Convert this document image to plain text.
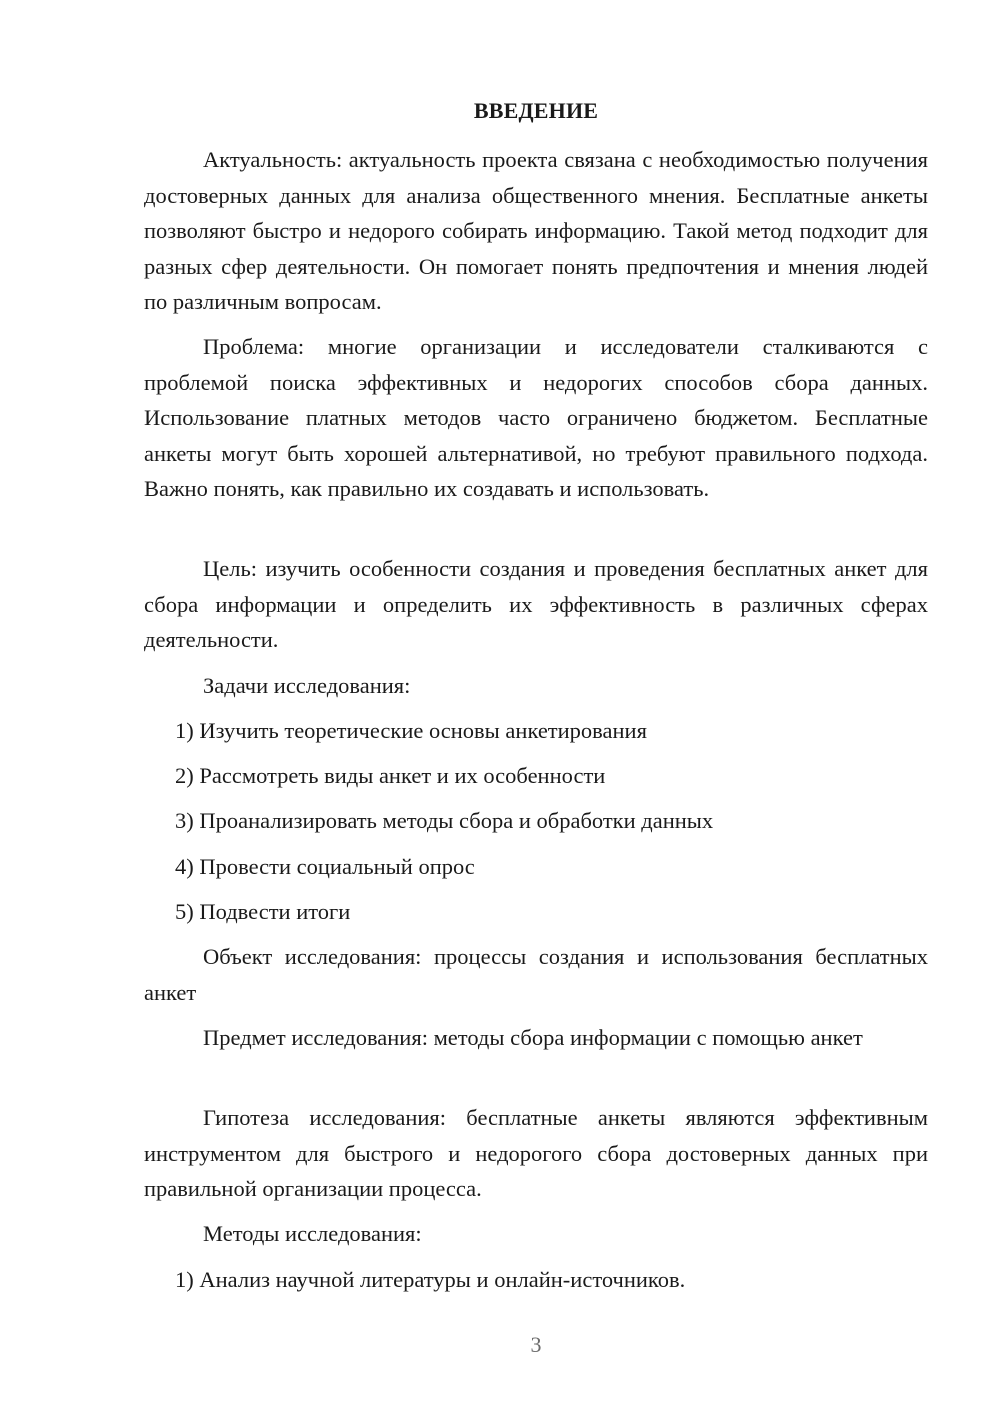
ВВЕДЕНИЕ

Актуальность: актуальность проекта связана с необходимостью получения достоверных данных для анализа общественного мнения. Бесплатные анкеты позволяют быстро и недорого собирать информацию. Такой метод подходит для разных сфер деятельности. Он помогает понять предпочтения и мнения людей по различным вопросам.

Проблема: многие организации и исследователи сталкиваются с проблемой поиска эффективных и недорогих способов сбора данных. Использование платных методов часто ограничено бюджетом. Бесплатные анкеты могут быть хорошей альтернативой, но требуют правильного подхода. Важно понять, как правильно их создавать и использовать.

Цель: изучить особенности создания и проведения бесплатных анкет для сбора информации и определить их эффективность в различных сферах деятельности.

Задачи исследования:
1) Изучить теоретические основы анкетирования
2) Рассмотреть виды анкет и их особенности
3) Проанализировать методы сбора и обработки данных
4) Провести социальный опрос
5) Подвести итоги

Объект исследования: процессы создания и использования бесплатных анкет

Предмет исследования: методы сбора информации с помощью анкет

Гипотеза исследования: бесплатные анкеты являются эффективным инструментом для быстрого и недорогого сбора достоверных данных при правильной организации процесса.

Методы исследования:
1) Анализ научной литературы и онлайн-источников.
3
